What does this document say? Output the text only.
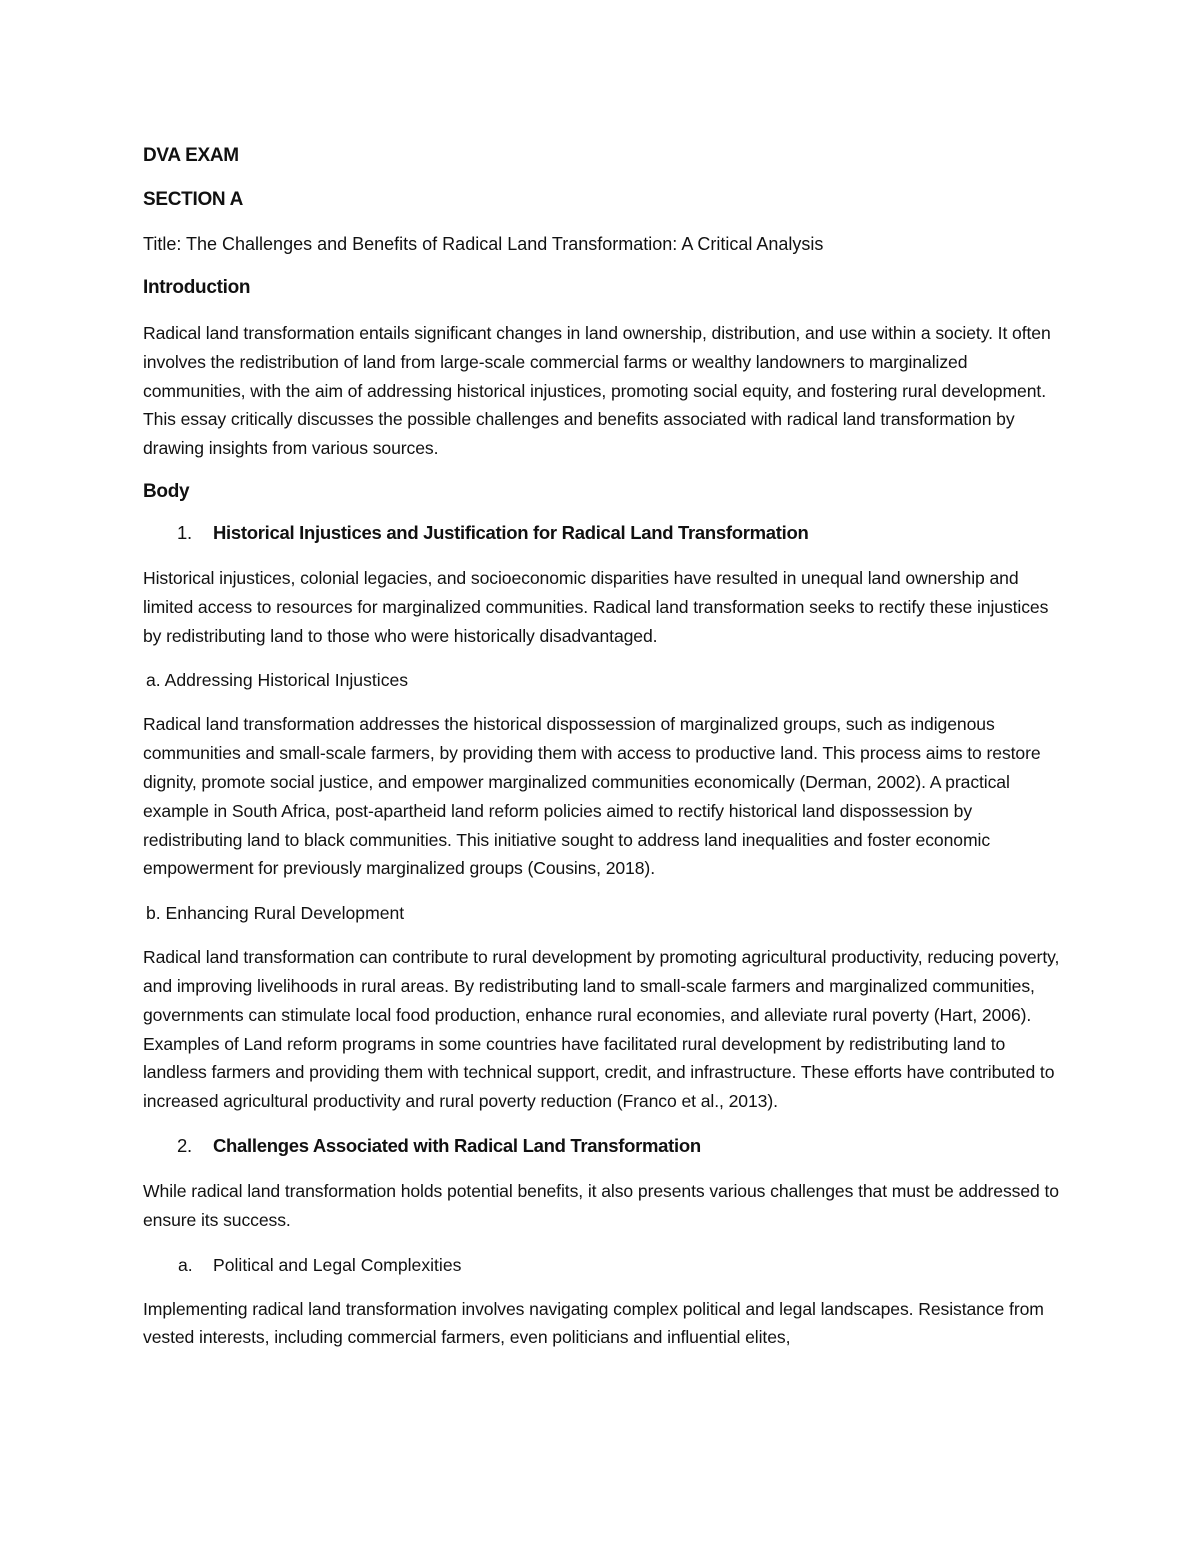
DVA EXAM
SECTION A
Title: The Challenges and Benefits of Radical Land Transformation: A Critical Analysis
Introduction

Radical land transformation entails significant changes in land ownership, distribution, and use within a society. It often involves the redistribution of land from large-scale commercial farms or wealthy landowners to marginalized communities, with the aim of addressing historical injustices, promoting social equity, and fostering rural development. This essay critically discusses the possible challenges and benefits associated with radical land transformation by drawing insights from various sources.

Body
1.	Historical Injustices and Justification for Radical Land Transformation

Historical injustices, colonial legacies, and socioeconomic disparities have resulted in unequal land ownership and limited access to resources for marginalized communities. Radical land transformation seeks to rectify these injustices by redistributing land to those who were historically disadvantaged.

a. Addressing Historical Injustices

Radical land transformation addresses the historical dispossession of marginalized groups, such as indigenous communities and small-scale farmers, by providing them with access to productive land. This process aims to restore dignity, promote social justice, and empower marginalized communities economically (Derman, 2002). A practical example in South Africa, post-apartheid land reform policies aimed to rectify historical land dispossession by redistributing land to black communities. This initiative sought to address land inequalities and foster economic empowerment for previously marginalized groups (Cousins, 2018).

b. Enhancing Rural Development

Radical land transformation can contribute to rural development by promoting agricultural productivity, reducing poverty, and improving livelihoods in rural areas. By redistributing land to small-scale farmers and marginalized communities, governments can stimulate local food production, enhance rural economies, and alleviate rural poverty (Hart, 2006). Examples of Land reform programs in some countries have facilitated rural development by redistributing land to landless farmers and providing them with technical support, credit, and infrastructure. These efforts have contributed to increased agricultural productivity and rural poverty reduction (Franco et al., 2013).

2.	Challenges Associated with Radical Land Transformation

While radical land transformation holds potential benefits, it also presents various challenges that must be addressed to ensure its success.

a.	Political and Legal Complexities

Implementing radical land transformation involves navigating complex political and legal landscapes. Resistance from vested interests, including commercial farmers, even politicians and influential elites,
